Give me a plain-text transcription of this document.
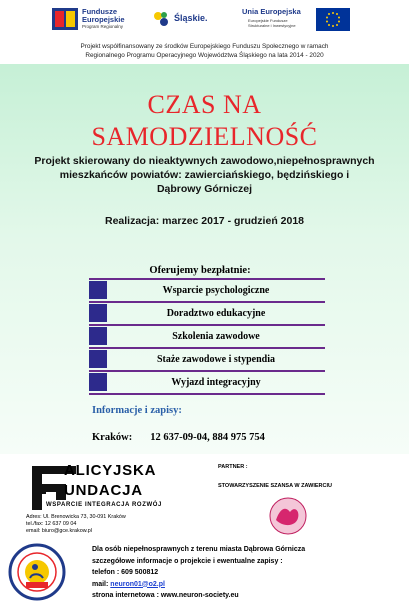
Fundusze
Europejskie
Program Regionalny
Śląskie.
Unia Europejska
Europejskie Fundusze
Strukturalne i Inwestycyjne
Projekt współfinansowany ze środków Europejskiego Funduszu Społecznego w ramach
Regionalnego Programu Operacyjnego Województwa Śląskiego na lata 2014 - 2020
CZAS NA
SAMODZIELNOŚĆ
Projekt skierowany do nieaktywnych zawodowo,niepełnosprawnych
mieszkańców powiatów: zawierciańskiego, będzińskiego i
Dąbrowy Górniczej
Realizacja: marzec 2017 - grudzień 2018
Oferujemy bezpłatnie:
Wsparcie psychologiczne
Doradztwo edukacyjne
Szkolenia zawodowe
Staże zawodowe i stypendia
Wyjazd integracyjny
Informacje i zapisy:
Kraków: 12 637-09-04, 884 975 754
ALICYJSKA
UNDACJA
WSPARCIE INTEGRACJA ROZWÓJ
Adres: Ul. Brenowicka 73, 30-091 Kraków
tel./fax: 12 637 09 04
email: biuro@gce.krakow.pl
PARTNER :
STOWARZYSZENIE SZANSA W ZAWIERCIU
Dla osób niepełnosprawnych z terenu miasta Dąbrowa Górnicza
szczegółowe informacje o projekcie i ewentualne zapisy :
telefon : 609 500812
mail: neuron01@o2.pl
strona internetowa : www.neuron-society.eu
